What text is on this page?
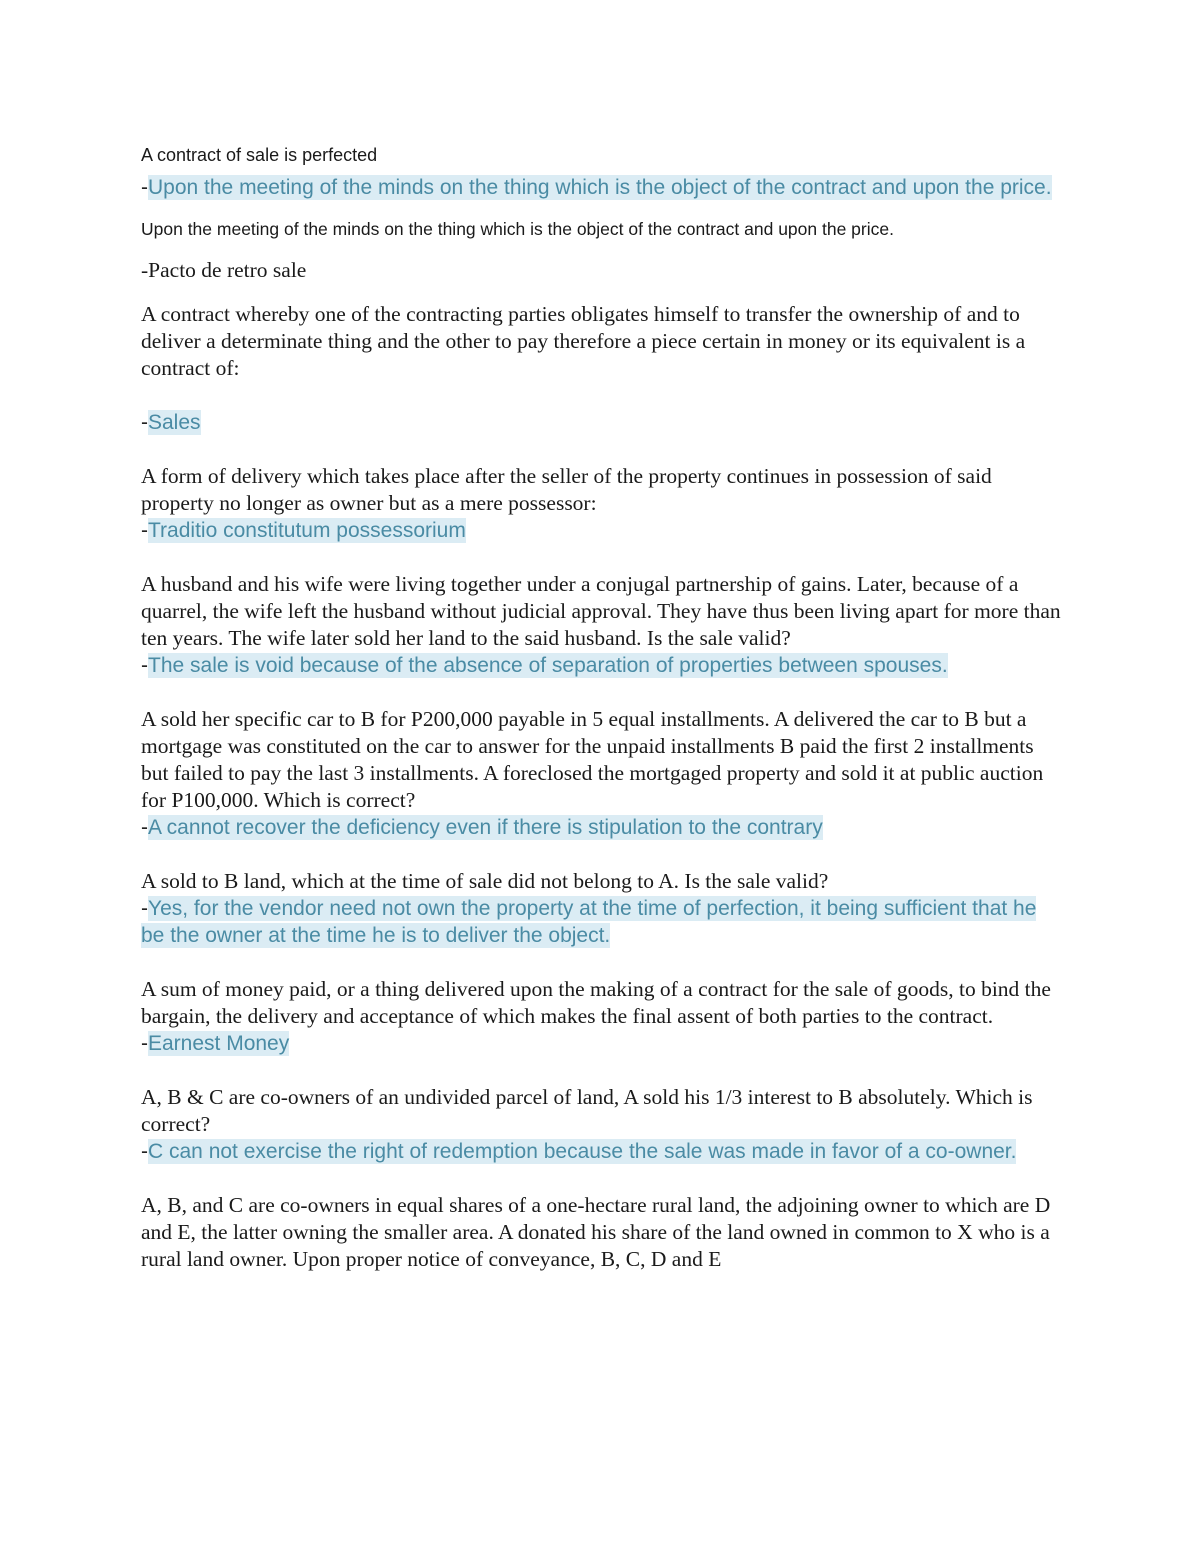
A contract of sale is perfected

-Upon the meeting of the minds on the thing which is the object of the contract and upon the price.

Upon the meeting of the minds on the thing which is the object of the contract and upon the price.

-Pacto de retro sale

A contract whereby one of the contracting parties obligates himself to transfer the ownership of and to deliver a determinate thing and the other to pay therefore a piece certain in money or its equivalent is a contract of:

-Sales

A form of delivery which takes place after the seller of the property continues in possession of said property no longer as owner but as a mere possessor:

-Traditio constitutum possessorium

A husband and his wife were living together under a conjugal partnership of gains. Later, because of a quarrel, the wife left the husband without judicial approval. They have thus been living apart for more than ten years. The wife later sold her land to the said husband. Is the sale valid?

-The sale is void because of the absence of separation of properties between spouses.

A sold her specific car to B for P200,000 payable in 5 equal installments. A delivered the car to B but a mortgage was constituted on the car to answer for the unpaid installments B paid the first 2 installments but failed to pay the last 3 installments. A foreclosed the mortgaged property and sold it at public auction for P100,000. Which is correct?

-A cannot recover the deficiency even if there is stipulation to the contrary

A sold to B land, which at the time of sale did not belong to A. Is the sale valid?

-Yes, for the vendor need not own the property at the time of perfection, it being sufficient that he be the owner at the time he is to deliver the object.

A sum of money paid, or a thing delivered upon the making of a contract for the sale of goods, to bind the bargain, the delivery and acceptance of which makes the final assent of both parties to the contract.

-Earnest Money

A, B & C are co-owners of an undivided parcel of land, A sold his 1/3 interest to B absolutely. Which is correct?

-C can not exercise the right of redemption because the sale was made in favor of a co-owner.

A, B, and C are co-owners in equal shares of a one-hectare rural land, the adjoining owner to which are D and E, the latter owning the smaller area. A donated his share of the land owned in common to X who is a rural land owner. Upon proper notice of conveyance, B, C, D and E
